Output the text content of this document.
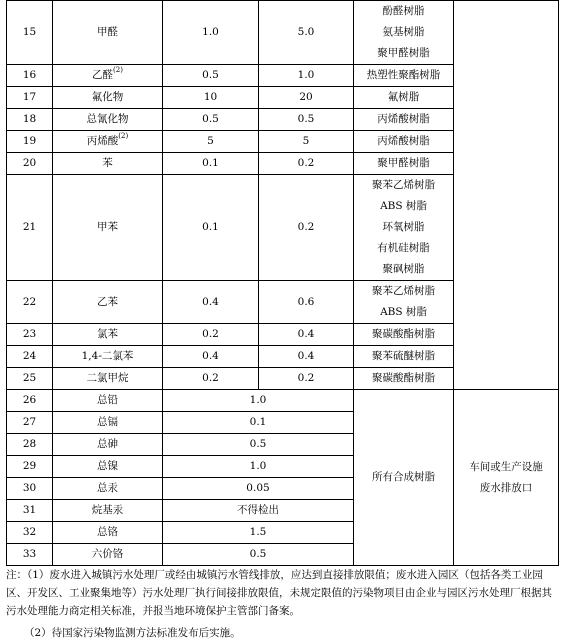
15	甲醛	1.0	5.0	酚醛树脂
氨基树脂
聚甲醛树脂	

16	乙醛$^{(2)}$	0.5	1.0	热塑性聚酯树脂	
17	氟化物	10	20	氟树脂	
18	总氰化物	0.5	0.5	丙烯酸树脂	
19	丙烯酸$^{(2)}$	5	5	丙烯酸树脂	
20	苯	0.1	0.2	聚甲醛树脂	
21	甲苯	0.1	0.2	聚苯乙烯树脂
ABS 树脂
环氧树脂
有机硅树脂
聚砜树脂	

22	乙苯	0.4	0.6	聚苯乙烯树脂
ABS 树脂	

23	氯苯	0.2	0.4	聚碳酸酯树脂	
24	1,4-二氯苯	0.4	0.4	聚苯硫醚树脂	
25	二氯甲烷	0.2	0.2	聚碳酸酯树脂	
26	总铅	1.0		所有合成树脂	车间或生产设施
废水排放口

27	总镉	0.1			
28	总砷	0.5			
29	总镍	1.0			
30	总汞	0.05			
31	烷基汞	不得检出			
32	总铬	1.5			
33	六价铬	0.5			

注：（1）废水进入城镇污水处理厂或经由城镇污水管线排放，应达到直接排放限值；废水进入园区（包括各类工业园区、开发区、工业聚集地等）污水处理厂执行间接排放限值，未规定限值的污染物项目由企业与园区污水处理厂根据其污水处理能力商定相关标准，并报当地环境保护主管部门备案。

（2）待国家污染物监测方法标准发布后实施。
